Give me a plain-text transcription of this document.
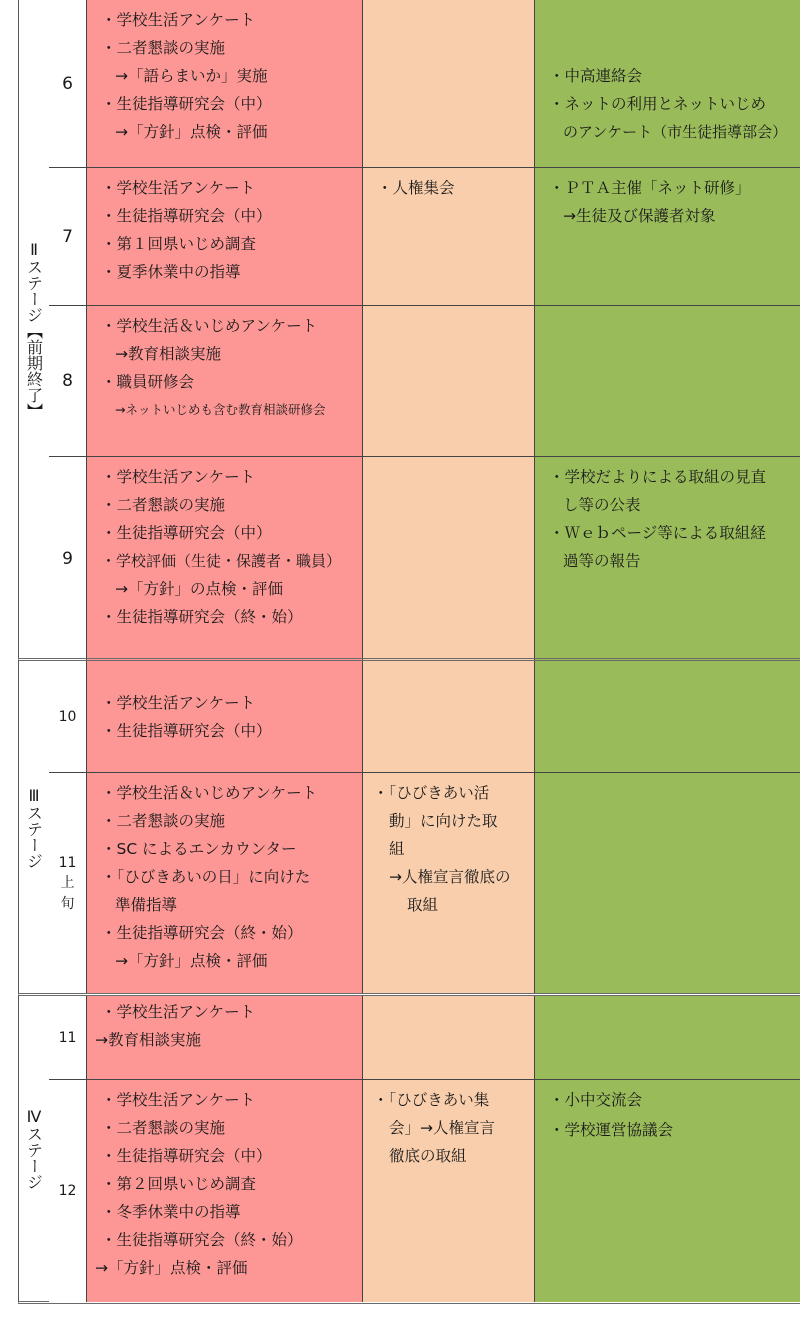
Ⅱステージ【前期終了】
6
・学校生活アンケート
・二者懇談の実施
→「語らまいか」実施
・生徒指導研究会（中）
→「方針」点検・評価
・中高連絡会
・ネットの利用とネットいじめ
のアンケート（市生徒指導部会）
7
・学校生活アンケート
・生徒指導研究会（中）
・第１回県いじめ調査
・夏季休業中の指導
・人権集会	・ＰＴＡ主催「ネット研修」
→生徒及び保護者対象
8
・学校生活＆いじめアンケート
→教育相談実施
・職員研修会
→ネットいじめも含む教育相談研修会
9
・学校生活アンケート
・二者懇談の実施
・生徒指導研究会（中）
・学校評価（生徒・保護者・職員）
→「方針」の点検・評価
・生徒指導研究会（終・始）
・学校だよりによる取組の見直
し等の公表
・Ｗｅｂページ等による取組経
過等の報告
Ⅲステージ
10
・学校生活アンケート
・生徒指導研究会（中）
11
上
旬
・学校生活＆いじめアンケート
・二者懇談の実施
・SC によるエンカウンター
・「ひびきあいの日」に向けた
準備指導
・生徒指導研究会（終・始）
→「方針」点検・評価
・「ひびきあい活
動」に向けた取
組
→人権宣言徹底の
取組
Ⅳステージ
11
・学校生活アンケート
→教育相談実施
12
・学校生活アンケート
・二者懇談の実施
・生徒指導研究会（中）
・第２回県いじめ調査
・冬季休業中の指導
・生徒指導研究会（終・始）
→「方針」点検・評価
・「ひびきあい集
会」→人権宣言
徹底の取組
・小中交流会
・学校運営協議会
